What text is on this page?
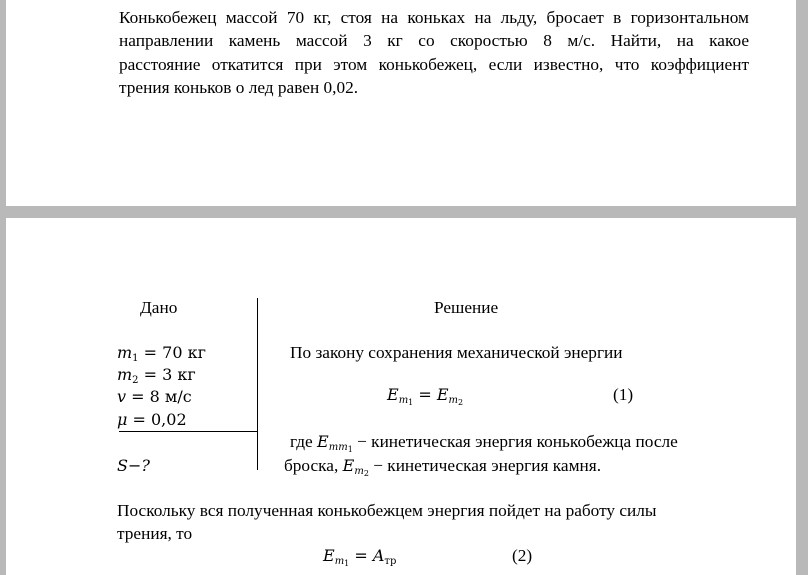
Конькобежец массой 70 кг, стоя на коньках на льду, бросает в горизонтальном
направлении камень массой 3 кг со скоростью 8 м/с. Найти, на какое
расстояние откатится при этом конькобежец, если известно, что коэффициент
трения коньков о лед равен 0,02.
Дано
$m_1 = 70$ кг
$m_2 = 3$ кг
v = 8 м/с
μ = 0,02
S−?
Решение
По закону сохранения механической энергии
$E_{m_1} = E_{m_2}$	(1)
где $E_{mm_1}$ − кинетическая энергия конькобежца после
броска, $E_{m_2}$ − кинетическая энергия камня.
Поскольку вся полученная конькобежцем энергия пойдет на работу силы
трения, то
$E_{m_1} = A_{тр}$	(2)
